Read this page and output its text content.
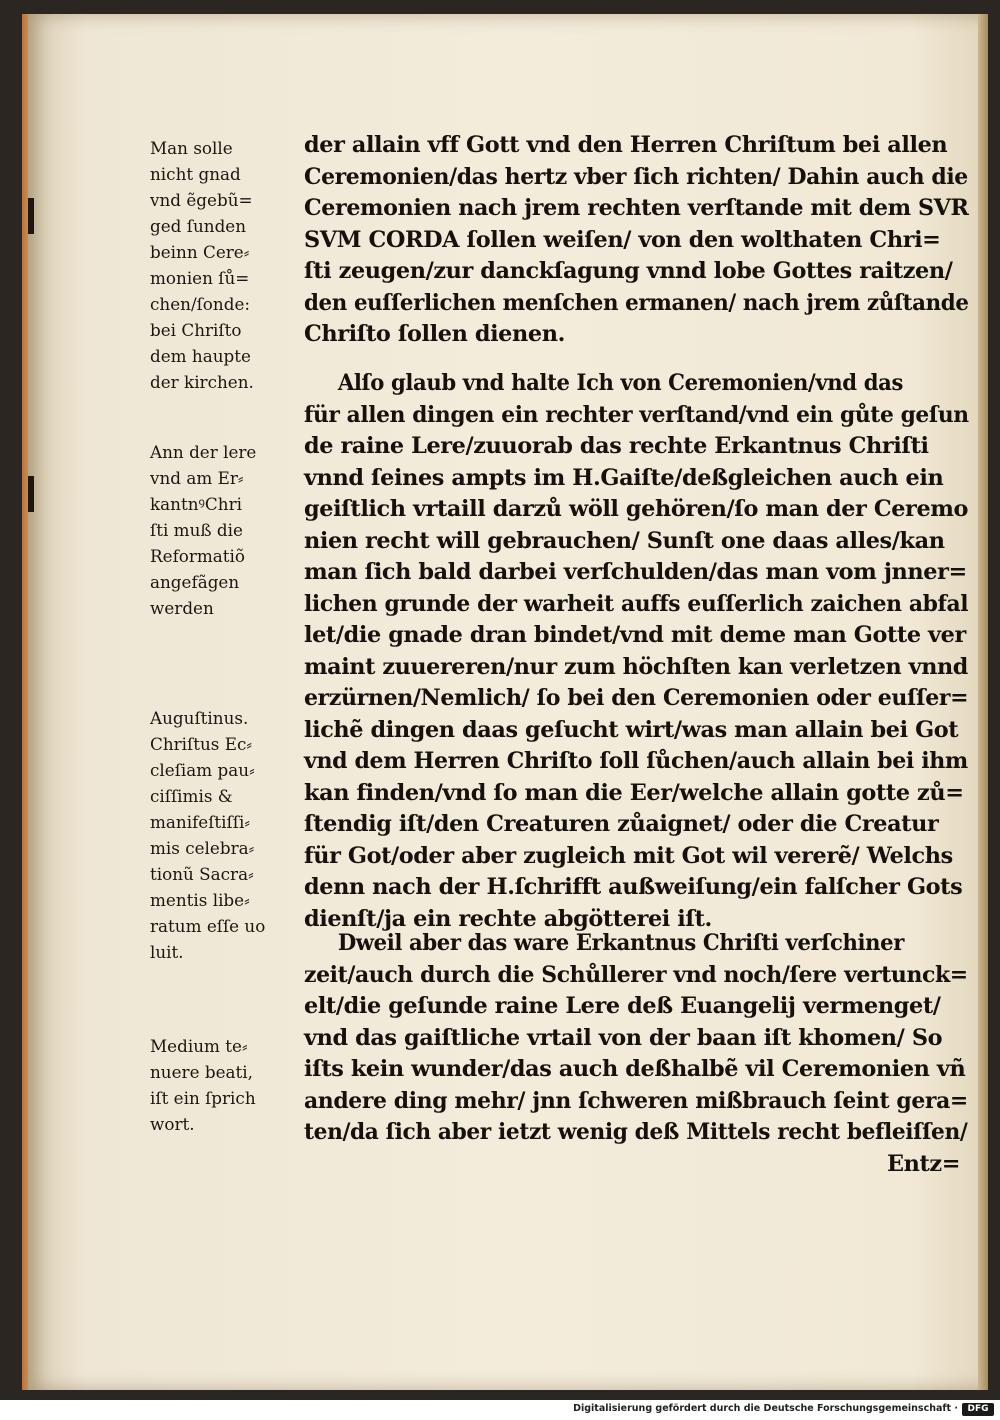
Man solle
nicht gnad
vnd ẽgebũ=
ged ſunden
beinn Cere⸗
monien ſů=
chen/ſonde:
bei Chriſto
dem haupte
der kirchen.
Ann der lere
vnd am Er⸗
kantnꝰChri
ſti muß die
Reformatiõ
angefãgen
werden
Auguſtinus.
Chriſtus Ec⸗
cleſiam pau⸗
ciſſimis &
manifeſtiſſi⸗
mis celebra⸗
tionũ Sacra⸗
mentis libe⸗
ratum eſſe uo
luit.
Medium te⸗
nuere beati,
iſt ein ſprich
wort.
der allain vff Gott vnd den Herren Chriſtum bei allen
Ceremonien/das hertz vber ſich richten/ Dahin auch die
Ceremonien nach jrem rechten verſtande mit dem SVR
SVM CORDA ſollen weiſen/ von den wolthaten Chri=
ſti zeugen/zur danckſagung vnnd lobe Gottes raitzen/
den euſſerlichen menſchen ermanen/ nach jrem zůſtande
Chriſto ſollen dienen.
Alſo glaub vnd halte Ich von Ceremonien/vnd das
für allen dingen ein rechter verſtand/vnd ein gůte geſun
de raine Lere/zuuorab das rechte Erkantnus Chriſti
vnnd ſeines ampts im H.Gaiſte/deßgleichen auch ein
geiſtlich vrtaill darzů wöll gehören/ſo man der Ceremo
nien recht will gebrauchen/ Sunſt one daas alles/kan
man ſich bald darbei verſchulden/das man vom jnner=
lichen grunde der warheit auffs euſſerlich zaichen abfal
let/die gnade dran bindet/vnd mit deme man Gotte ver
maint zuuereren/nur zum höchſten kan verletzen vnnd
erzürnen/Nemlich/ ſo bei den Ceremonien oder euſſer=
lichẽ dingen daas geſucht wirt/was man allain bei Got
vnd dem Herren Chriſto ſoll ſůchen/auch allain bei ihm
kan finden/vnd ſo man die Eer/welche allain gotte zů=
ſtendig iſt/den Creaturen zůaignet/ oder die Creatur
für Got/oder aber zugleich mit Got wil vererẽ/ Welchs
denn nach der H.ſchrifft außweiſung/ein falſcher Gots
dienſt/ja ein rechte abgötterei iſt.
Dweil aber das ware Erkantnus Chriſti verſchiner
zeit/auch durch die Schůllerer vnd noch/ſere vertunck=
elt/die geſunde raine Lere deß Euangelij vermenget/
vnd das gaiſtliche vrtail von der baan iſt khomen/ So
iſts kein wunder/das auch deßhalbẽ vil Ceremonien vñ
andere ding mehr/ jnn ſchweren mißbrauch ſeint gera=
ten/da ſich aber ietzt wenig deß Mittels recht befleiſſen/
Entz=
Digitalisierung gefördert durch die Deutsche Forschungsgemeinschaft ·	DFG
